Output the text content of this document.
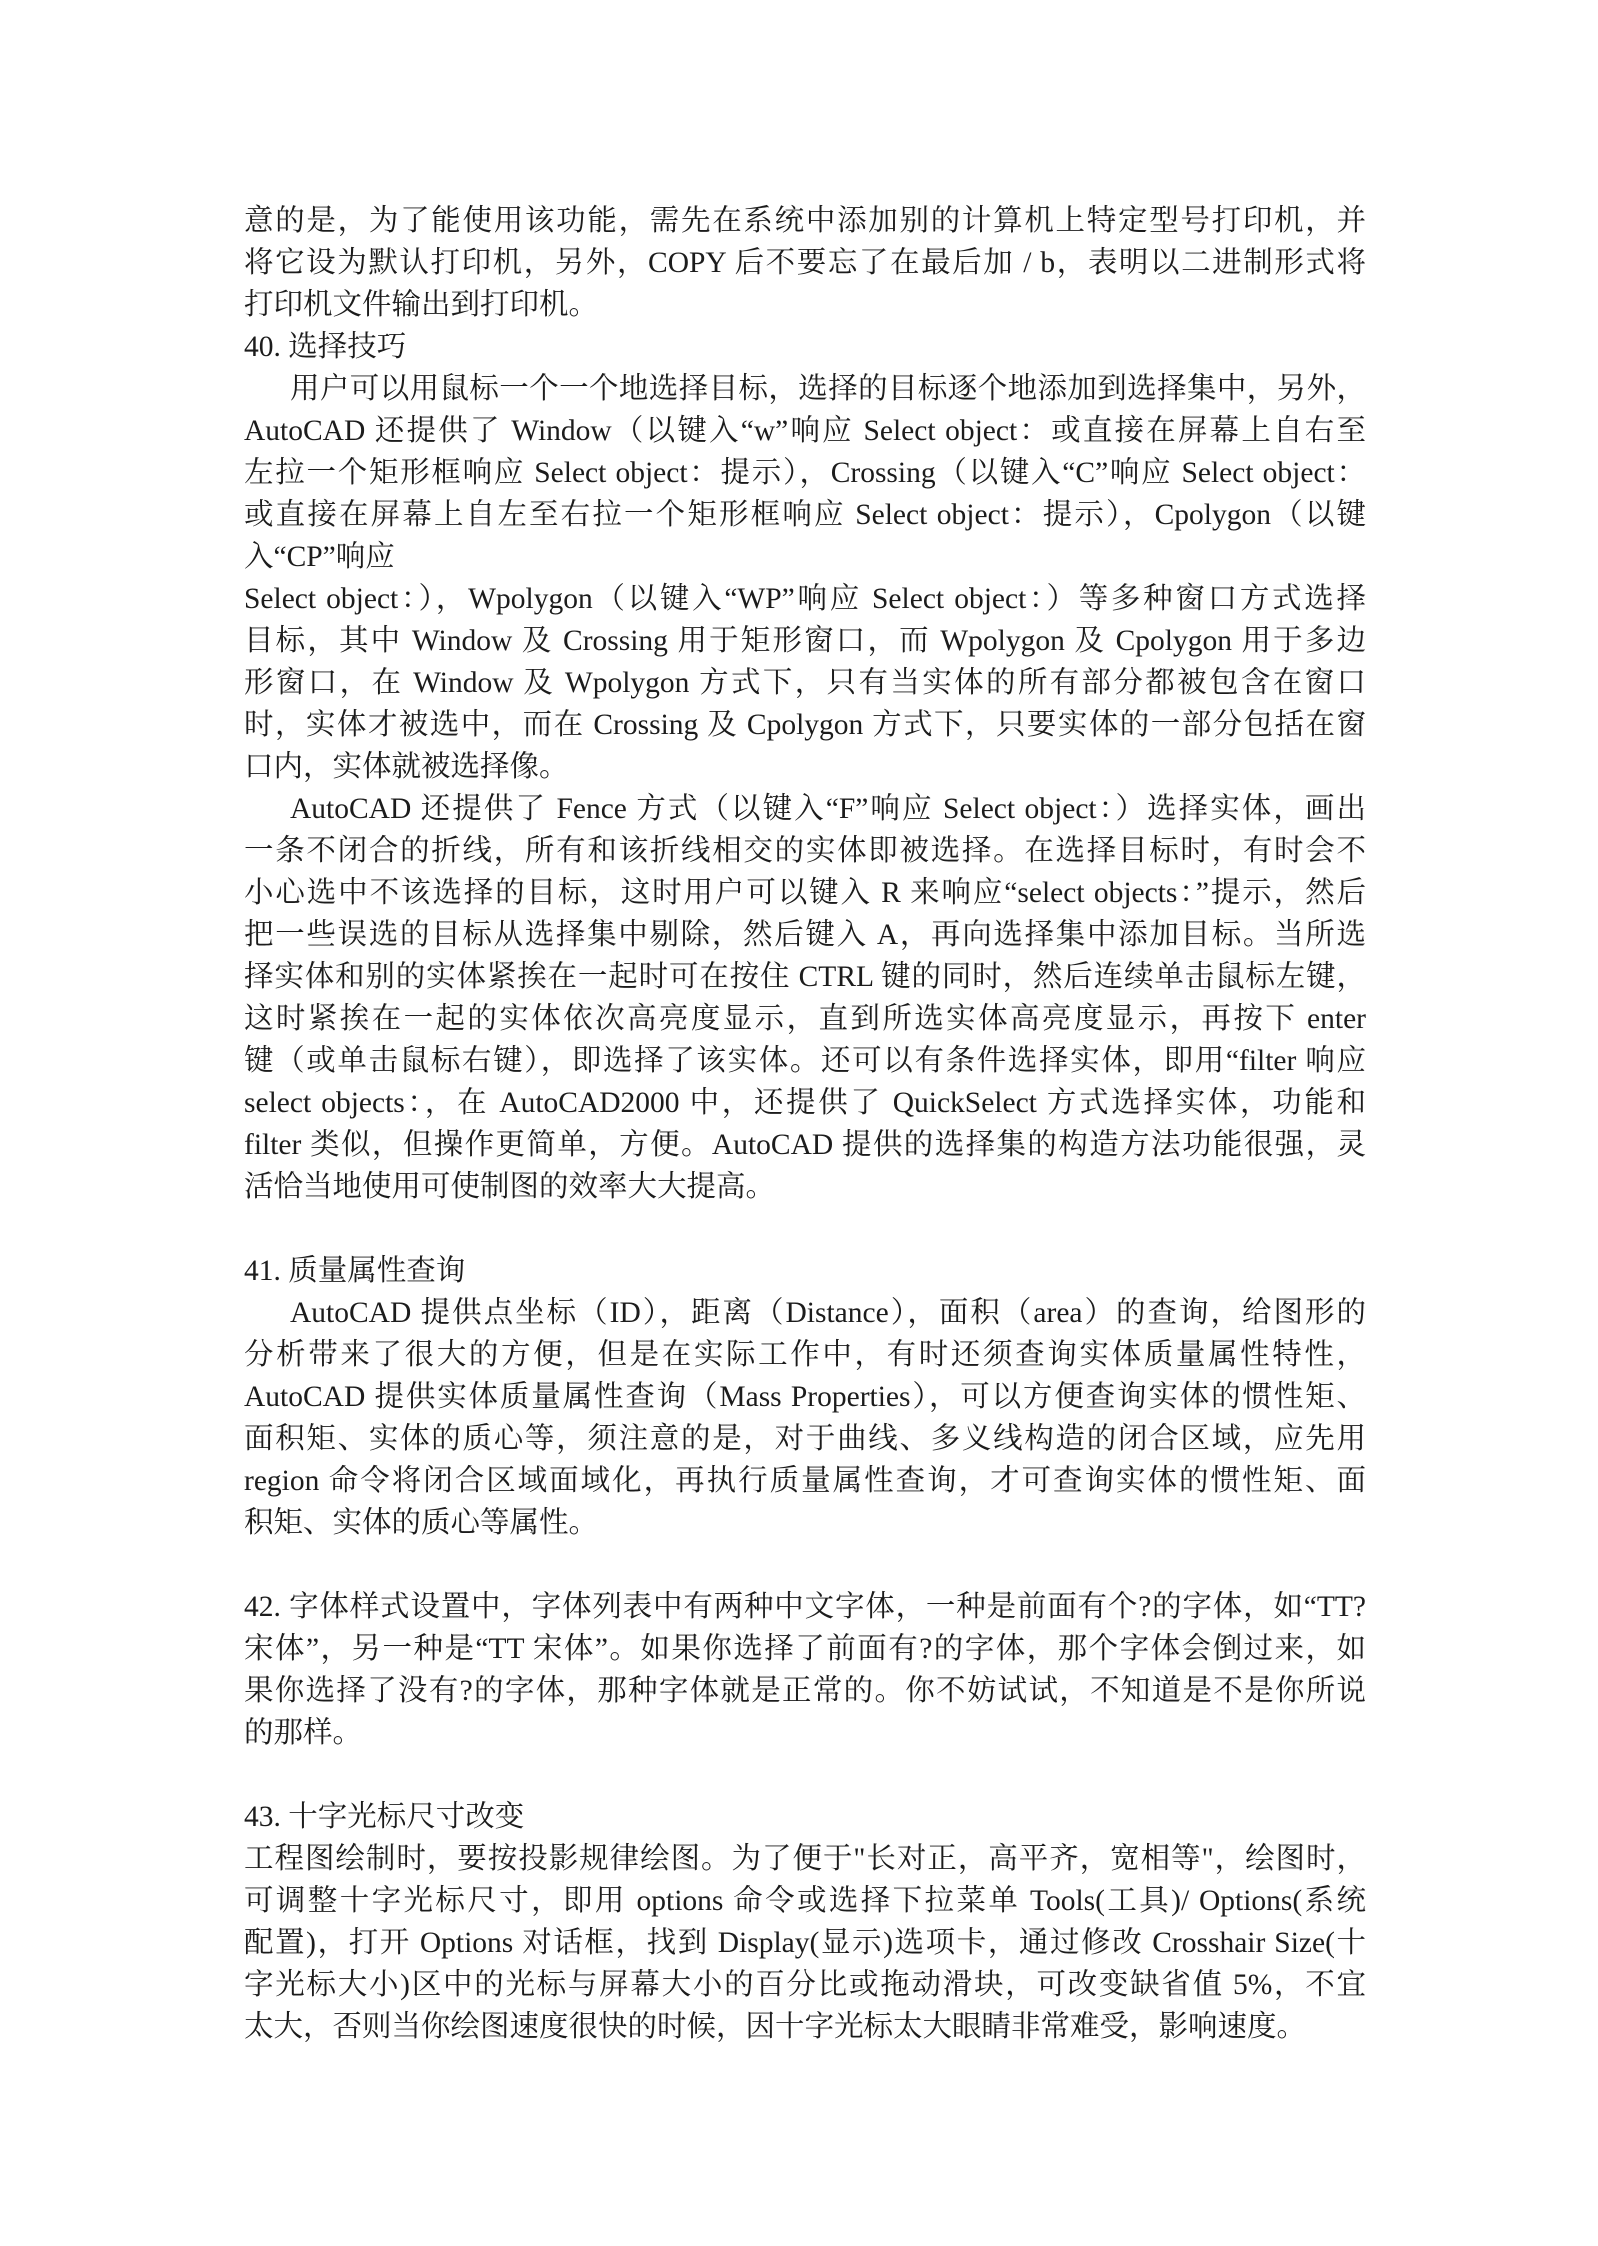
意的是，为了能使用该功能，需先在系统中添加别的计算机上特定型号打印机，并
将它设为默认打印机，另外，COPY 后不要忘了在最后加 / b，表明以二进制形式将
打印机文件输出到打印机。
40. 选择技巧
用户可以用鼠标一个一个地选择目标，选择的目标逐个地添加到选择集中，另外，
AutoCAD 还提供了 Window（以键入“w”响应 Select object：或直接在屏幕上自右至
左拉一个矩形框响应 Select object：提示），Crossing（以键入“C”响应 Select object：
或直接在屏幕上自左至右拉一个矩形框响应 Select object：提示），Cpolygon（以键
入“CP”响应
Select object：），Wpolygon（以键入“WP”响应 Select object：）等多种窗口方式选择
目标，其中 Window 及 Crossing 用于矩形窗口，而 Wpolygon 及 Cpolygon 用于多边
形窗口，在 Window 及 Wpolygon 方式下，只有当实体的所有部分都被包含在窗口
时，实体才被选中，而在 Crossing 及 Cpolygon 方式下，只要实体的一部分包括在窗
口内，实体就被选择像。
AutoCAD 还提供了 Fence 方式（以键入“F”响应 Select object：）选择实体，画出
一条不闭合的折线，所有和该折线相交的实体即被选择。在选择目标时，有时会不
小心选中不该选择的目标，这时用户可以键入 R 来响应“select objects：”提示，然后
把一些误选的目标从选择集中剔除，然后键入 A，再向选择集中添加目标。当所选
择实体和别的实体紧挨在一起时可在按住 CTRL 键的同时，然后连续单击鼠标左键，
这时紧挨在一起的实体依次高亮度显示，直到所选实体高亮度显示，再按下 enter
键（或单击鼠标右键），即选择了该实体。还可以有条件选择实体，即用“filter 响应
select objects：，在 AutoCAD2000 中，还提供了 QuickSelect 方式选择实体，功能和
filter 类似，但操作更简单，方便。AutoCAD 提供的选择集的构造方法功能很强，灵
活恰当地使用可使制图的效率大大提高。
41. 质量属性查询
AutoCAD 提供点坐标（ID），距离（Distance），面积（area）的查询，给图形的
分析带来了很大的方便，但是在实际工作中，有时还须查询实体质量属性特性，
AutoCAD 提供实体质量属性查询（Mass Properties），可以方便查询实体的惯性矩、
面积矩、实体的质心等，须注意的是，对于曲线、多义线构造的闭合区域，应先用
region 命令将闭合区域面域化，再执行质量属性查询，才可查询实体的惯性矩、面
积矩、实体的质心等属性。
42. 字体样式设置中，字体列表中有两种中文字体，一种是前面有个?的字体，如“TT?
宋体”，另一种是“TT 宋体”。如果你选择了前面有?的字体，那个字体会倒过来，如
果你选择了没有?的字体，那种字体就是正常的。你不妨试试，不知道是不是你所说
的那样。
43. 十字光标尺寸改变
工程图绘制时，要按投影规律绘图。为了便于"长对正，高平齐，宽相等"，绘图时，
可调整十字光标尺寸，即用 options 命令或选择下拉菜单 Tools(工具)/ Options(系统
配置)，打开 Options 对话框，找到 Display(显示)选项卡，通过修改 Crosshair Size(十
字光标大小)区中的光标与屏幕大小的百分比或拖动滑块，可改变缺省值 5%，不宜
太大，否则当你绘图速度很快的时候，因十字光标太大眼睛非常难受，影响速度。
